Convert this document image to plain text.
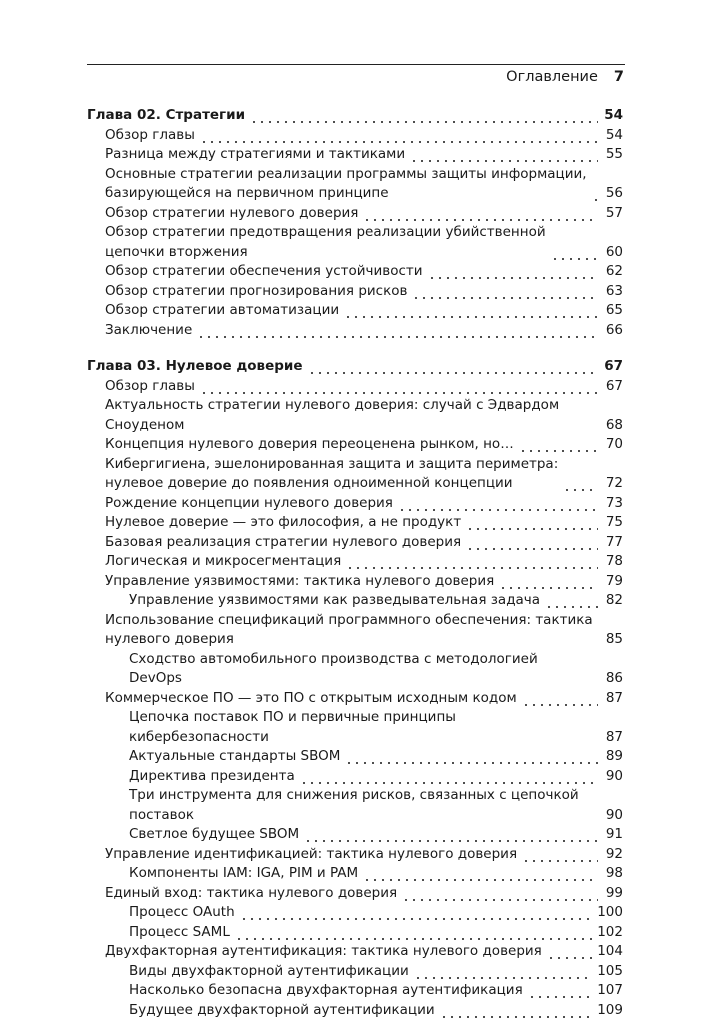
Оглавление 7
Глава 02. Стратегии	54
Обзор главы	54
Разница между стратегиями и тактиками	55
Основные стратегии реализации программы защиты информации,
базирующейся на первичном принципе	56
Обзор стратегии нулевого доверия	57
Обзор стратегии предотвращения реализации убийственной
цепочки вторжения	60
Обзор стратегии обеспечения устойчивости	62
Обзор стратегии прогнозирования рисков	63
Обзор стратегии автоматизации	65
Заключение	66
Глава 03. Нулевое доверие	67
Обзор главы	67
Актуальность стратегии нулевого доверия: случай с Эдвардом Сноуденом	68
Концепция нулевого доверия переоценена рынком, но…	70
Кибергигиена, эшелонированная защита и защита периметра:
нулевое доверие до появления одноименной концепции	72
Рождение концепции нулевого доверия	73
Нулевое доверие — это философия, а не продукт	75
Базовая реализация стратегии нулевого доверия	77
Логическая и микросегментация	78
Управление уязвимостями: тактика нулевого доверия	79
Управление уязвимостями как разведывательная задача	82
Использование спецификаций программного обеспечения: тактика
нулевого доверия	85
Сходство автомобильного производства с методологией DevOps	86
Коммерческое ПО — это ПО с открытым исходным кодом	87
Цепочка поставок ПО и первичные принципы кибербезопасности	87
Актуальные стандарты SBOM	89
Директива президента	90
Три инструмента для снижения рисков, связанных с цепочкой поставок	90
Светлое будущее SBOM	91
Управление идентификацией: тактика нулевого доверия	92
Компоненты IAM: IGA, PIM и PAM	98
Единый вход: тактика нулевого доверия	99
Процесс OAuth	100
Процесс SAML	102
Двухфакторная аутентификация: тактика нулевого доверия	104
Виды двухфакторной аутентификации	105
Насколько безопасна двухфакторная аутентификация	107
Будущее двухфакторной аутентификации	109
